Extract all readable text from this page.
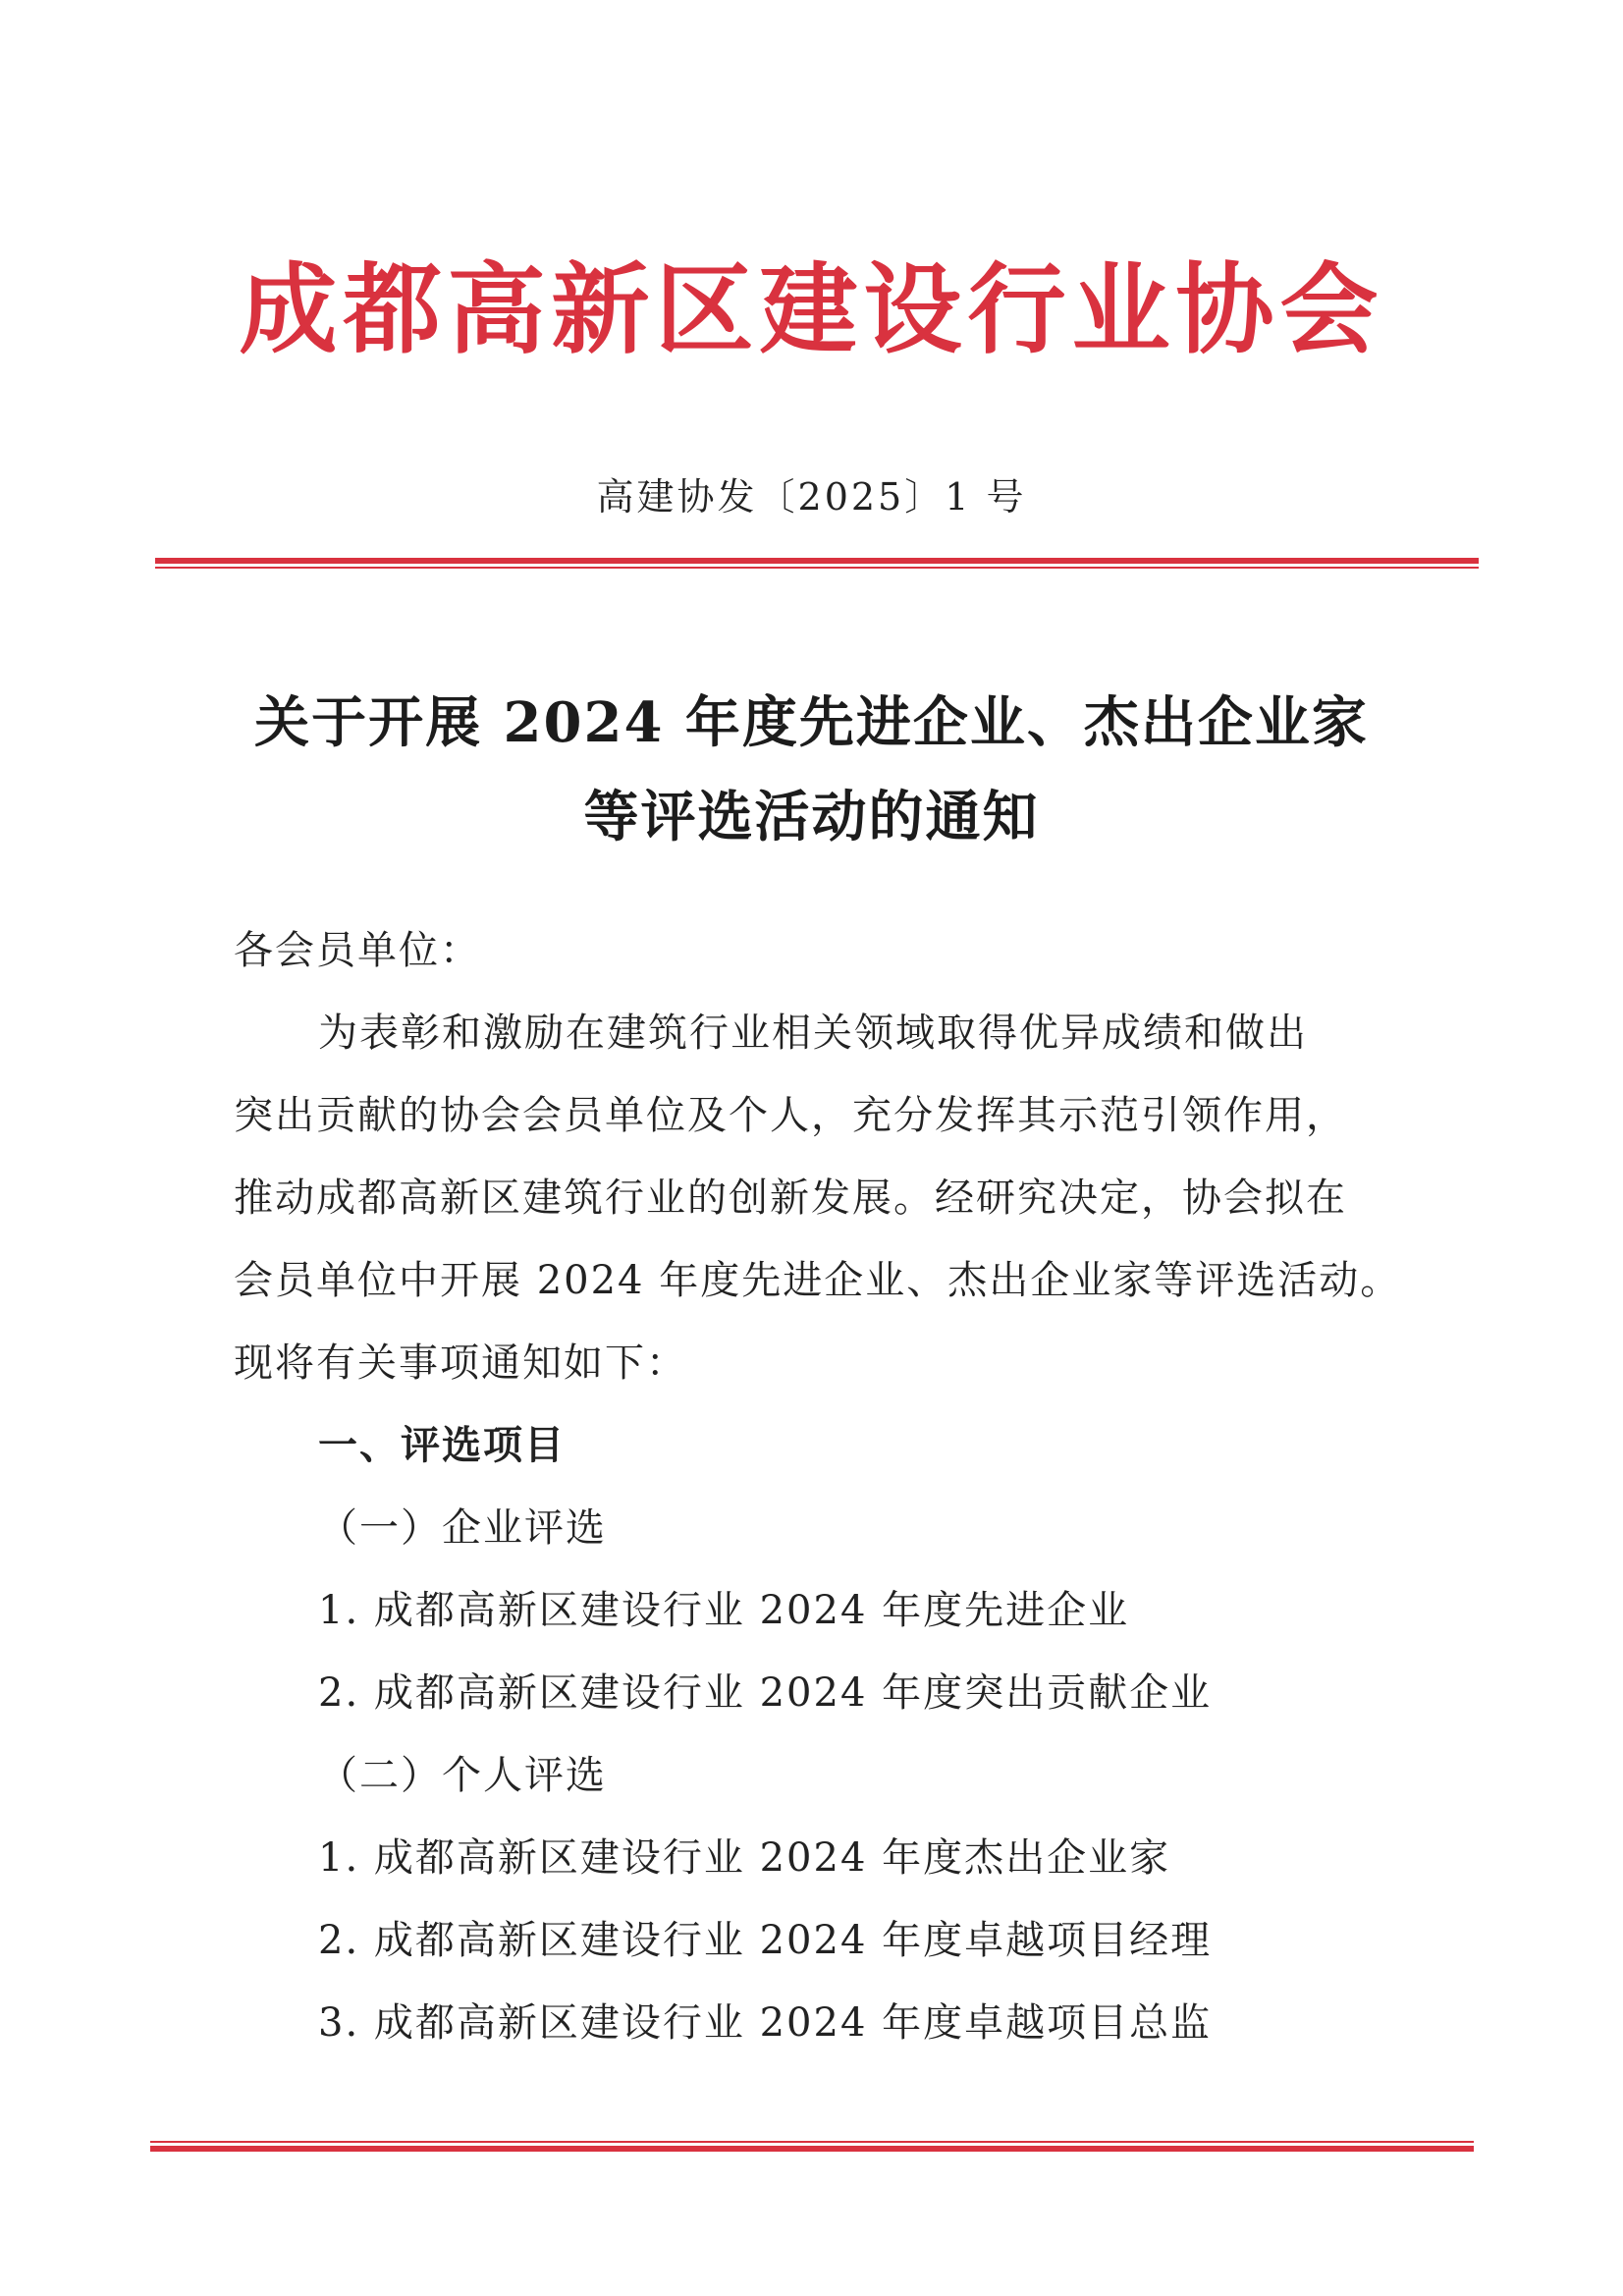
成都高新区建设行业协会
高建协发〔2025〕1 号
关于开展 2024 年度先进企业、杰出企业家
等评选活动的通知
各会员单位：
为表彰和激励在建筑行业相关领域取得优异成绩和做出
突出贡献的协会会员单位及个人，充分发挥其示范引领作用，
推动成都高新区建筑行业的创新发展。经研究决定，协会拟在
会员单位中开展 2024 年度先进企业、杰出企业家等评选活动。
现将有关事项通知如下：
一、评选项目
（一）企业评选
1. 成都高新区建设行业 2024 年度先进企业
2. 成都高新区建设行业 2024 年度突出贡献企业
（二）个人评选
1. 成都高新区建设行业 2024 年度杰出企业家
2. 成都高新区建设行业 2024 年度卓越项目经理
3. 成都高新区建设行业 2024 年度卓越项目总监
